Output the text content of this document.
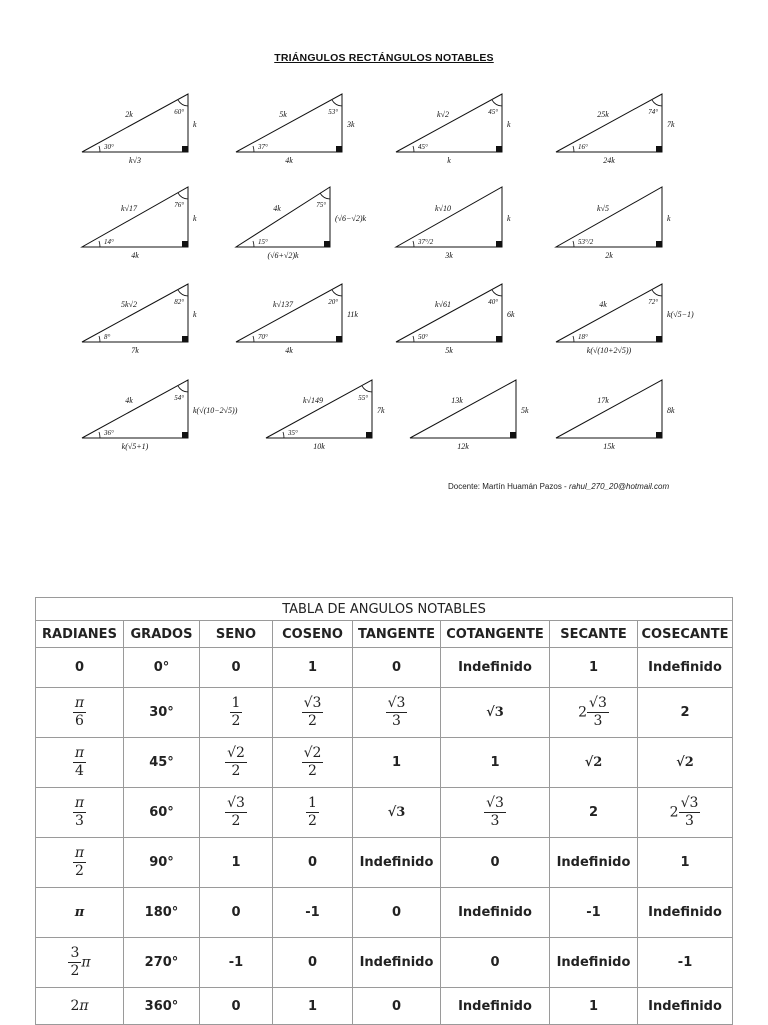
TRIÁNGULOS RECTÁNGULOS NOTABLES
2k
k√3
k
30°
60°	5k
4k
3k
37°
53°	k√2
k
k
45°
45°	25k
24k
7k
16°
74°
k√17
4k
k
14°
76°	4k
(√6+√2)k
(√6−√2)k
15°
75°	k√10
3k
k
37°/2
k√5
2k
k
53°/2
5k√2
7k
k
8°
82°	k√137
4k
11k
70°
20°	k√61
5k
6k
50°
40°	4k
k(√(10+2√5))
k(√5−1)
18°
72°
4k
k(√5+1)
k(√(10−2√5))
36°
54°	k√149
10k
7k
35°
55°	13k
12k
5k
17k
15k
8k
Docente: Martín Huamán Pazos - rahul_270_20@hotmail.com
TABLA DE ANGULOS NOTABLES							
RADIANES	GRADOS	SENO	COSENO	TANGENTE	COTANGENTE	SECANTE	COSECANTE
0	0°	0	1	0	Indefinido	1	Indefinido

$\frac{\pi}{6}$	30°	$\frac{1}{2}$	$\frac{√3}{2}$	$\frac{√3}{3}$	√3	$2 \frac{√3}{3}$	2

$\frac{\pi}{4}$	45°	$\frac{√2}{2}$	$\frac{√2}{2}$	1	1	√2	√2

$\frac{\pi}{3}$	60°	$\frac{√3}{2}$	$\frac{1}{2}$	√3	$\frac{√3}{3}$	2	$2 \frac{√3}{3}$

$\frac{\pi}{2}$	90°	1	0	Indefinido	0	Indefinido	1
π	180°	0	-1	0	Indefinido	-1	Indefinido

$\frac{3}{2}$ π	270°	-1	0	Indefinido	0	Indefinido	-1
2π	360°	0	1	0	Indefinido	1	Indefinido
